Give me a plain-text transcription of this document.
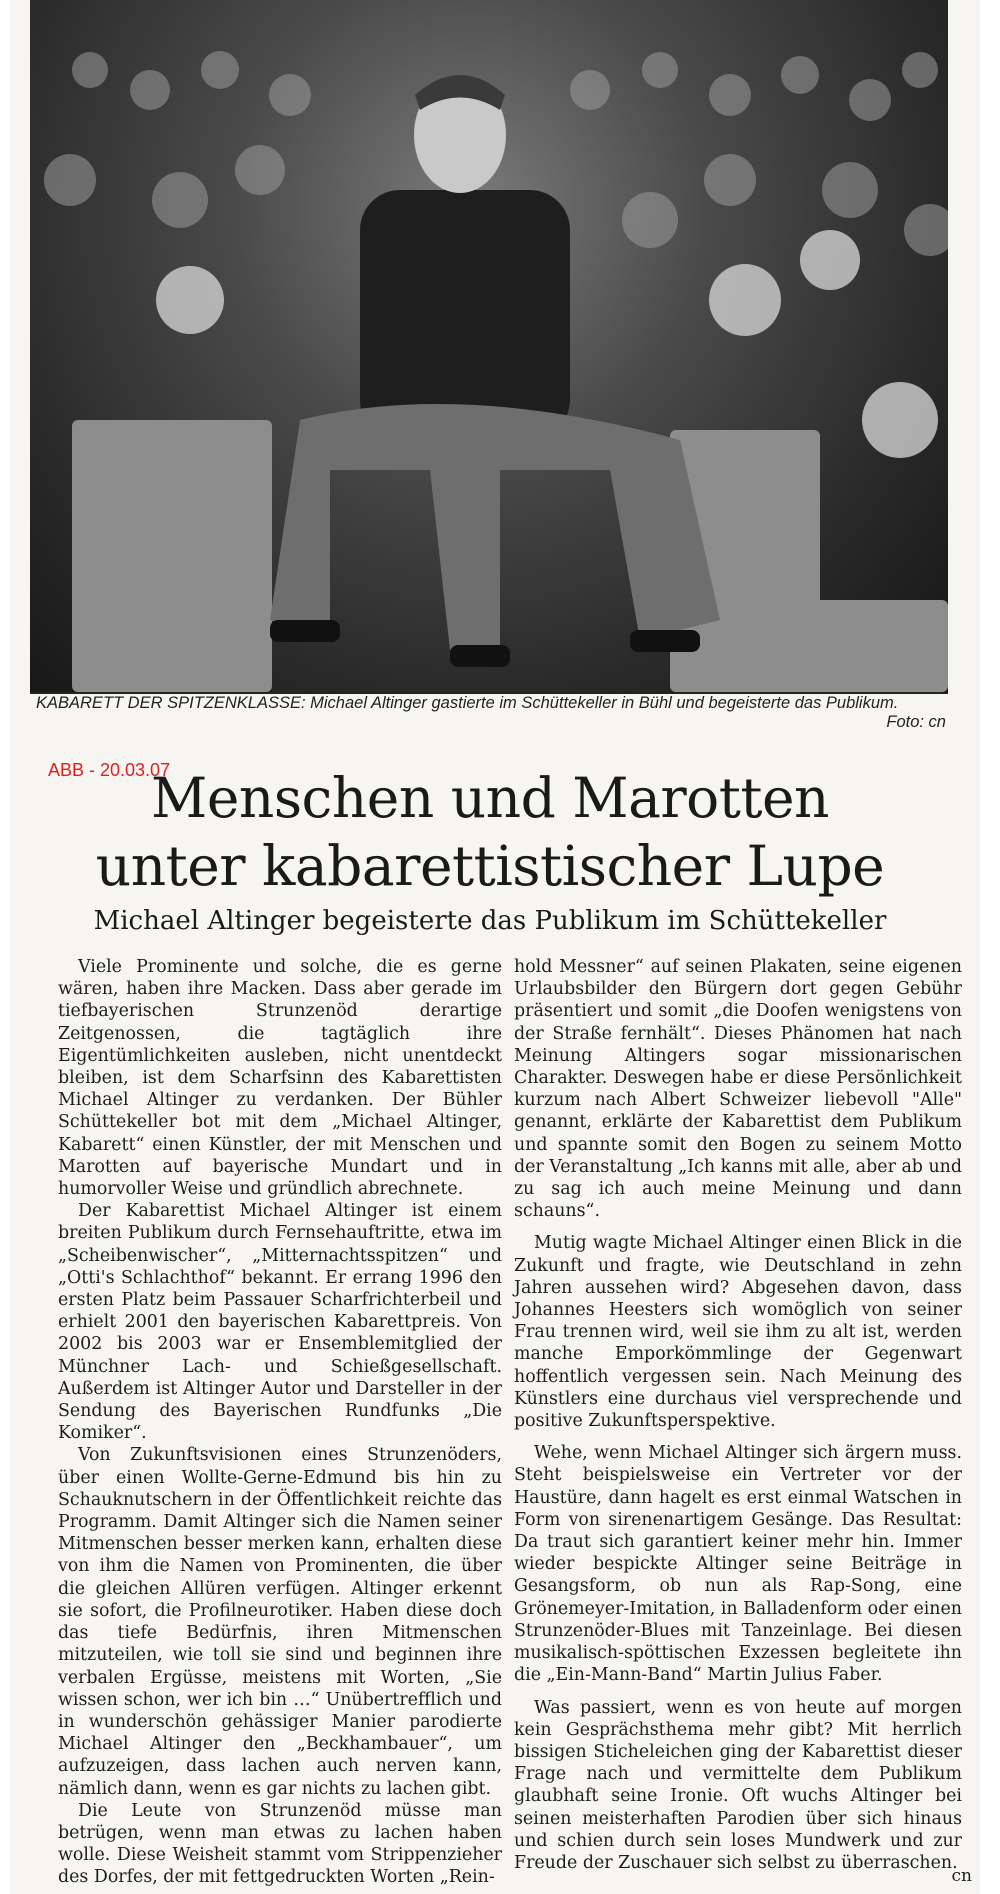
KABARETT DER SPITZENKLASSE: Michael Altinger gastierte im Schüttekeller in Bühl und begeisterte das Publikum.
Foto: cn
ABB - 20.03.07
Menschen und Marotten
unter kabarettistischer Lupe
Michael Altinger begeisterte das Publikum im Schüttekeller

Viele Prominente und solche, die es gerne wären, haben ihre Macken. Dass aber gerade im tiefbayerischen Strunzenöd derartige Zeitgenossen, die tagtäglich ihre Eigentümlichkeiten ausleben, nicht unentdeckt bleiben, ist dem Scharfsinn des Kabarettisten Michael Altinger zu verdanken. Der Bühler Schüttekeller bot mit dem „Michael Altinger, Kabarett“ einen Künstler, der mit Menschen und Marotten auf bayerische Mundart und in humorvoller Weise und gründlich abrechnete.

Der Kabarettist Michael Altinger ist einem breiten Publikum durch Fernsehauftritte, etwa im „Scheibenwischer“, „Mitternachtsspitzen“ und „Otti's Schlachthof“ bekannt. Er errang 1996 den ersten Platz beim Passauer Scharfrichterbeil und erhielt 2001 den bayerischen Kabarettpreis. Von 2002 bis 2003 war er Ensemblemitglied der Münchner Lach- und Schießgesellschaft. Außerdem ist Altinger Autor und Darsteller in der Sendung des Bayerischen Rundfunks „Die Komiker“.

Von Zukunftsvisionen eines Strunzenöders, über einen Wollte-Gerne-Edmund bis hin zu Schauknutschern in der Öffentlichkeit reichte das Programm. Damit Altinger sich die Namen seiner Mitmenschen besser merken kann, erhalten diese von ihm die Namen von Prominenten, die über die gleichen Allüren verfügen. Altinger erkennt sie sofort, die Profilneurotiker. Haben diese doch das tiefe Bedürfnis, ihren Mitmenschen mitzuteilen, wie toll sie sind und beginnen ihre verbalen Ergüsse, meistens mit Worten, „Sie wissen schon, wer ich bin …“ Unübertrefflich und in wunderschön gehässiger Manier parodierte Michael Altinger den „Beckhambauer“, um aufzuzeigen, dass lachen auch nerven kann, nämlich dann, wenn es gar nichts zu lachen gibt.

Die Leute von Strunzenöd müsse man betrügen, wenn man etwas zu lachen haben wolle. Diese Weisheit stammt vom Strippenzieher des Dorfes, der mit fettgedruckten Worten „Rein-

hold Messner“ auf seinen Plakaten, seine eigenen Urlaubsbilder den Bürgern dort gegen Gebühr präsentiert und somit „die Doofen wenigstens von der Straße fernhält“. Dieses Phänomen hat nach Meinung Altingers sogar missionarischen Charakter. Deswegen habe er diese Persönlichkeit kurzum nach Albert Schweizer liebevoll "Alle" genannt, erklärte der Kabarettist dem Publikum und spannte somit den Bogen zu seinem Motto der Veranstaltung „Ich kanns mit alle, aber ab und zu sag ich auch meine Meinung und dann schauns“.

Mutig wagte Michael Altinger einen Blick in die Zukunft und fragte, wie Deutschland in zehn Jahren aussehen wird? Abgesehen davon, dass Johannes Heesters sich womöglich von seiner Frau trennen wird, weil sie ihm zu alt ist, werden manche Emporkömmlinge der Gegenwart hoffentlich vergessen sein. Nach Meinung des Künstlers eine durchaus viel versprechende und positive Zukunftsperspektive.

Wehe, wenn Michael Altinger sich ärgern muss. Steht beispielsweise ein Vertreter vor der Haustüre, dann hagelt es erst einmal Watschen in Form von sirenenartigem Gesänge. Das Resultat: Da traut sich garantiert keiner mehr hin. Immer wieder bespickte Altinger seine Beiträge in Gesangsform, ob nun als Rap-Song, eine Grönemeyer-Imitation, in Balladenform oder einen Strunzenöder-Blues mit Tanzeinlage. Bei diesen musikalisch-spöttischen Exzessen begleitete ihn die „Ein-Mann-Band“ Martin Julius Faber.

Was passiert, wenn es von heute auf morgen kein Gesprächsthema mehr gibt? Mit herrlich bissigen Sticheleichen ging der Kabarettist dieser Frage nach und vermittelte dem Publikum glaubhaft seine Ironie. Oft wuchs Altinger bei seinen meisterhaften Parodien über sich hinaus und schien durch sein loses Mundwerk und zur Freude der Zuschauer sich selbst zu überraschen.

cn
